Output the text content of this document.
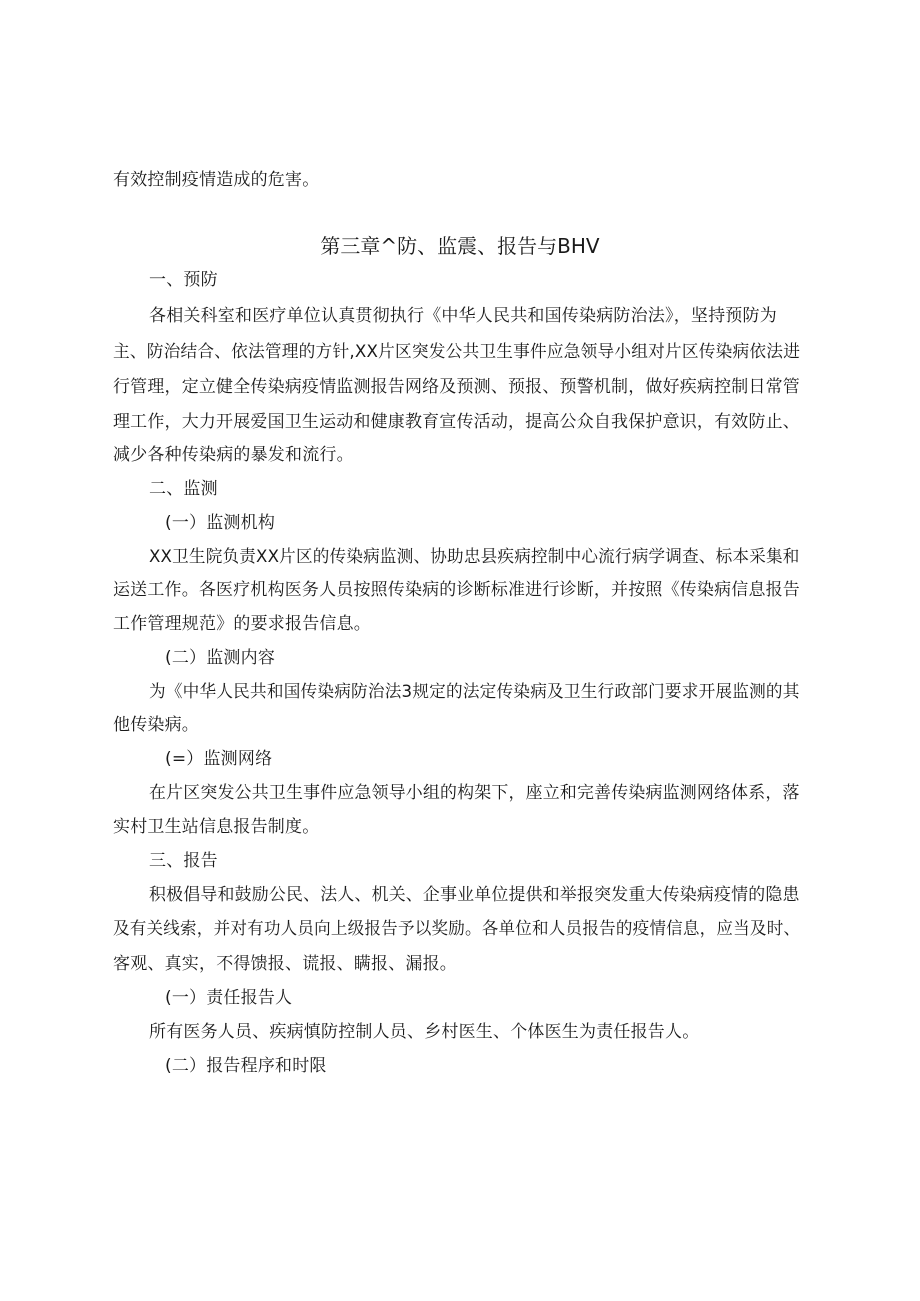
有效控制疫情造成的危害。
第三章^防、监震、报告与BHV
一、预防
各相关科室和医疗单位认真贯彻执行《中华人民共和国传染病防治法》，坚持预防为
主、防治结合、依法管理的方针,XX片区突发公共卫生事件应急领导小组对片区传染病依法进
行管理，定立健全传染病疫情监测报告网络及预测、预报、预警机制，做好疾病控制日常管
理工作，大力开展爱国卫生运动和健康教育宣传活动，提高公众自我保护意识，有效防止、
减少各种传染病的暴发和流行。
二、监测
(一）监测机构
XX卫生院负责XX片区的传染病监测、协助忠县疾病控制中心流行病学调查、标本采集和
运送工作。各医疗机构医务人员按照传染病的诊断标准进行诊断，并按照《传染病信息报告
工作管理规范》的要求报告信息。
(二）监测内容
为《中华人民共和国传染病防治法3规定的法定传染病及卫生行政部门要求开展监测的其
他传染病。
(=）监测网络
在片区突发公共卫生事件应急领导小组的构架下，座立和完善传染病监测网络体系，落
实村卫生站信息报告制度。
三、报告
积极倡导和鼓励公民、法人、机关、企事业单位提供和举报突发重大传染病疫情的隐患
及有关线索，并对有功人员向上级报告予以奖励。各单位和人员报告的疫情信息，应当及时、
客观、真实，不得馈报、谎报、瞒报、漏报。
(一）责任报告人
所有医务人员、疾病慎防控制人员、乡村医生、个体医生为责任报告人。
(二）报告程序和时限
